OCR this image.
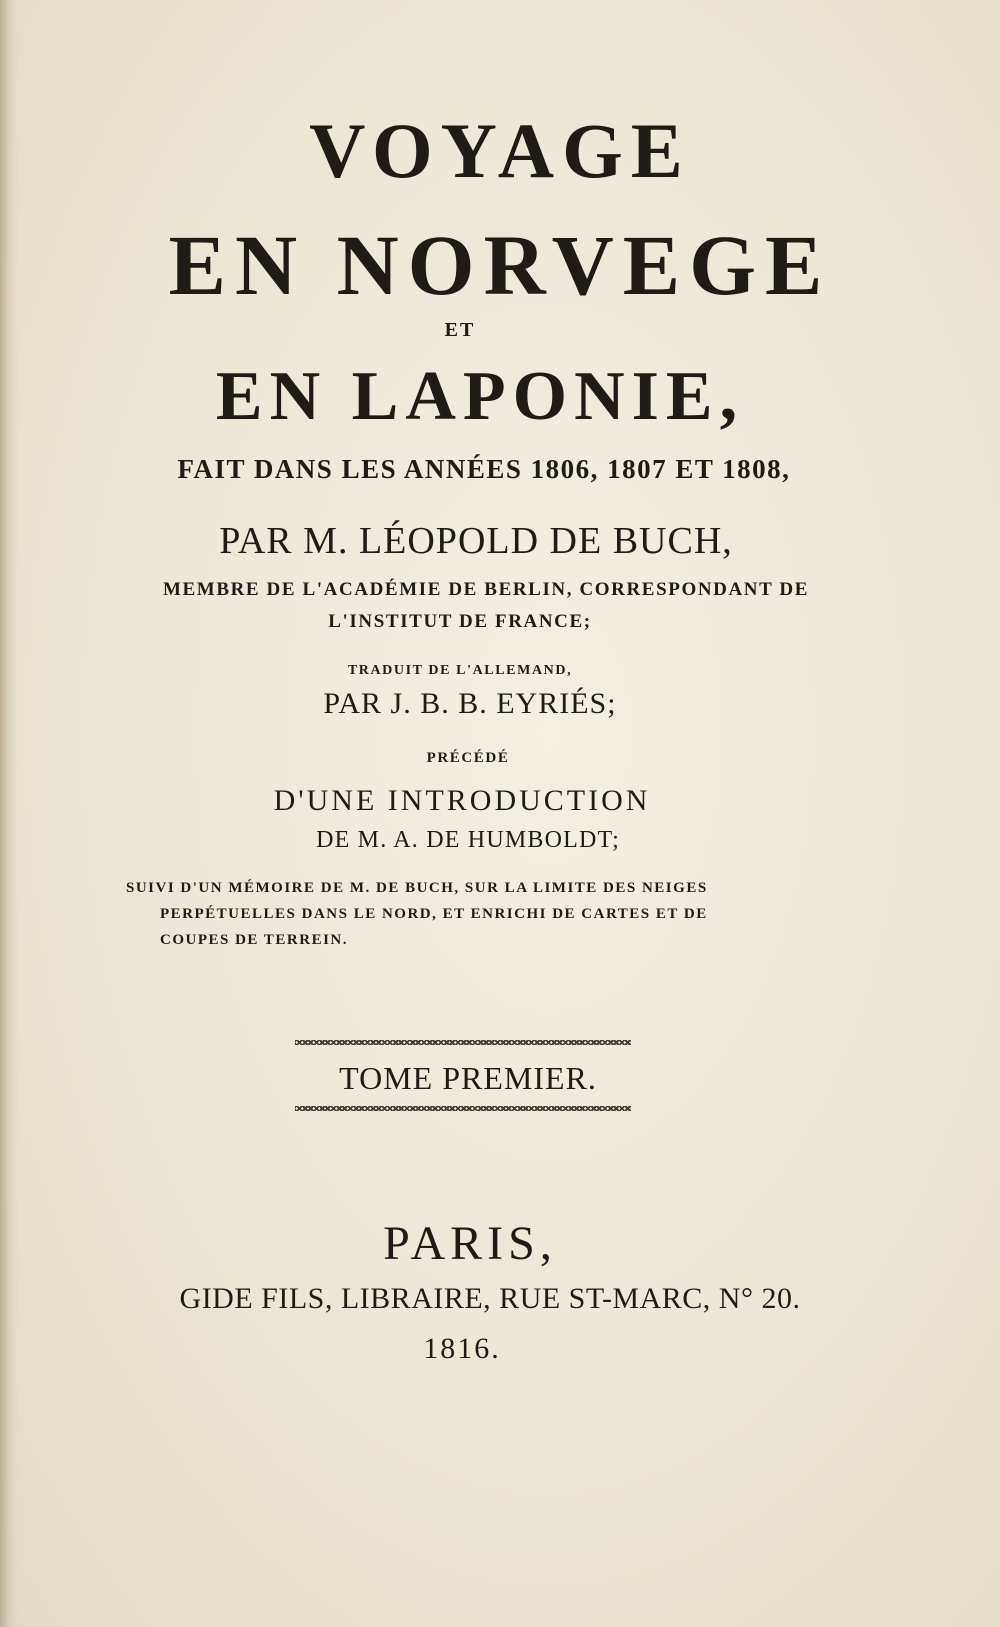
VOYAGE

EN NORVEGE

ET

EN LAPONIE,

FAIT DANS LES ANNÉES 1806, 1807 ET 1808,

PAR M. LÉOPOLD DE BUCH,

MEMBRE DE L'ACADÉMIE DE BERLIN, CORRESPONDANT DE

L'INSTITUT DE FRANCE;

TRADUIT DE L'ALLEMAND,

PAR J. B. B. EYRIÉS;

PRÉCÉDÉ

D'UNE INTRODUCTION

DE M. A. DE HUMBOLDT;

SUIVI D'UN MÉMOIRE DE M. DE BUCH, SUR LA LIMITE DES NEIGES
PERPÉTUELLES DANS LE NORD, ET ENRICHI DE CARTES ET DE
COUPES DE TERREIN.

TOME PREMIER.

PARIS,

GIDE FILS, LIBRAIRE, RUE ST-MARC, N° 20.

1816.
